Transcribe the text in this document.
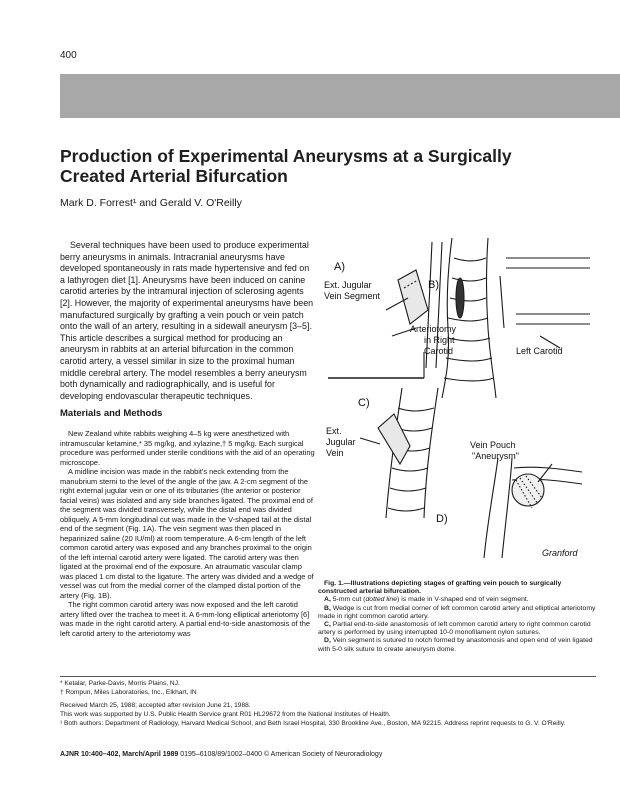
400
Production of Experimental Aneurysms at a Surgically Created Arterial Bifurcation
Mark D. Forrest¹ and Gerald V. O'Reilly

Several techniques have been used to produce experimental berry aneurysms in animals. Intracranial aneurysms have developed spontaneously in rats made hypertensive and fed on a lathyrogen diet [1]. Aneurysms have been induced on canine carotid arteries by the intramural injection of sclerosing agents [2]. However, the majority of experimental aneurysms have been manufactured surgically by grafting a vein pouch or vein patch onto the wall of an artery, resulting in a sidewall aneurysm [3–5]. This article describes a surgical method for producing an aneurysm in rabbits at an arterial bifurcation in the common carotid artery, a vessel similar in size to the proximal human middle cerebral artery. The model resembles a berry aneurysm both dynamically and radiographically, and is useful for developing endovascular therapeutic techniques.

Materials and Methods

New Zealand white rabbits weighing 4–5 kg were anesthetized with intramuscular ketamine,* 35 mg/kg, and xylazine,† 5 mg/kg. Each surgical procedure was performed under sterile conditions with the aid of an operating microscope.

A midline incision was made in the rabbit's neck extending from the manubrium sterni to the level of the angle of the jaw. A 2-cm segment of the right external jugular vein or one of its tributaries (the anterior or posterior facial veins) was isolated and any side branches ligated. The proximal end of the segment was divided transversely, while the distal end was divided obliquely. A 5-mm longitudinal cut was made in the V-shaped tail at the distal end of the segment (Fig. 1A). The vein segment was then placed in heparinized saline (20 IU/ml) at room temperature. A 6-cm length of the left common carotid artery was exposed and any branches proximal to the origin of the left internal carotid artery were ligated. The carotid artery was then ligated at the proximal end of the exposure. An atraumatic vascular clamp was placed 1 cm distal to the ligature. The artery was divided and a wedge of vessel was cut from the medial corner of the clamped distal portion of the artery (Fig. 1B).

The right common carotid artery was now exposed and the left carotid artery lifted over the trachea to meet it. A 6-mm-long elliptical arteriotomy [6] was made in the right carotid artery. A partial end-to-side anastomosis of the left carotid artery to the arteriotomy was

A)
Ext. Jugular
Vein Segment
B)
Arteriotomy
in Right
Carotid	Left Carotid
C)
Ext.
Jugular
Vein
Vein Pouch
"Aneurysm"
D)
Granford

Fig. 1.—Illustrations depicting stages of grafting vein pouch to surgically constructed arterial bifurcation.

A, 5-mm cut (dotted line) is made in V-shaped end of vein segment.

B, Wedge is cut from medial corner of left common carotid artery and elliptical arteriotomy made in right common carotid artery.

C, Partial end-to-side anastomosis of left common carotid artery to right common carotid artery is performed by using interrupted 10-0 monofilament nylon sutures.

D, Vein segment is sutured to notch formed by anastomosis and open end of vein ligated with 5-0 silk suture to create aneurysm dome.

* Ketalar, Parke-Davis, Morris Plains, NJ.
† Rompun, Miles Laboratories, Inc., Elkhart, IN
Received March 25, 1988; accepted after revision June 21, 1988.
This work was supported by U.S. Public Health Service grant R01 HL29672 from the National Institutes of Health.
¹ Both authors: Department of Radiology, Harvard Medical School, and Beth Israel Hospital, 330 Brookline Ave., Boston, MA 92215. Address reprint requests to G. V. O'Reilly.
AJNR 10:400–402, March/April 1989 0195–6108/89/1002–0400 © American Society of Neuroradiology
